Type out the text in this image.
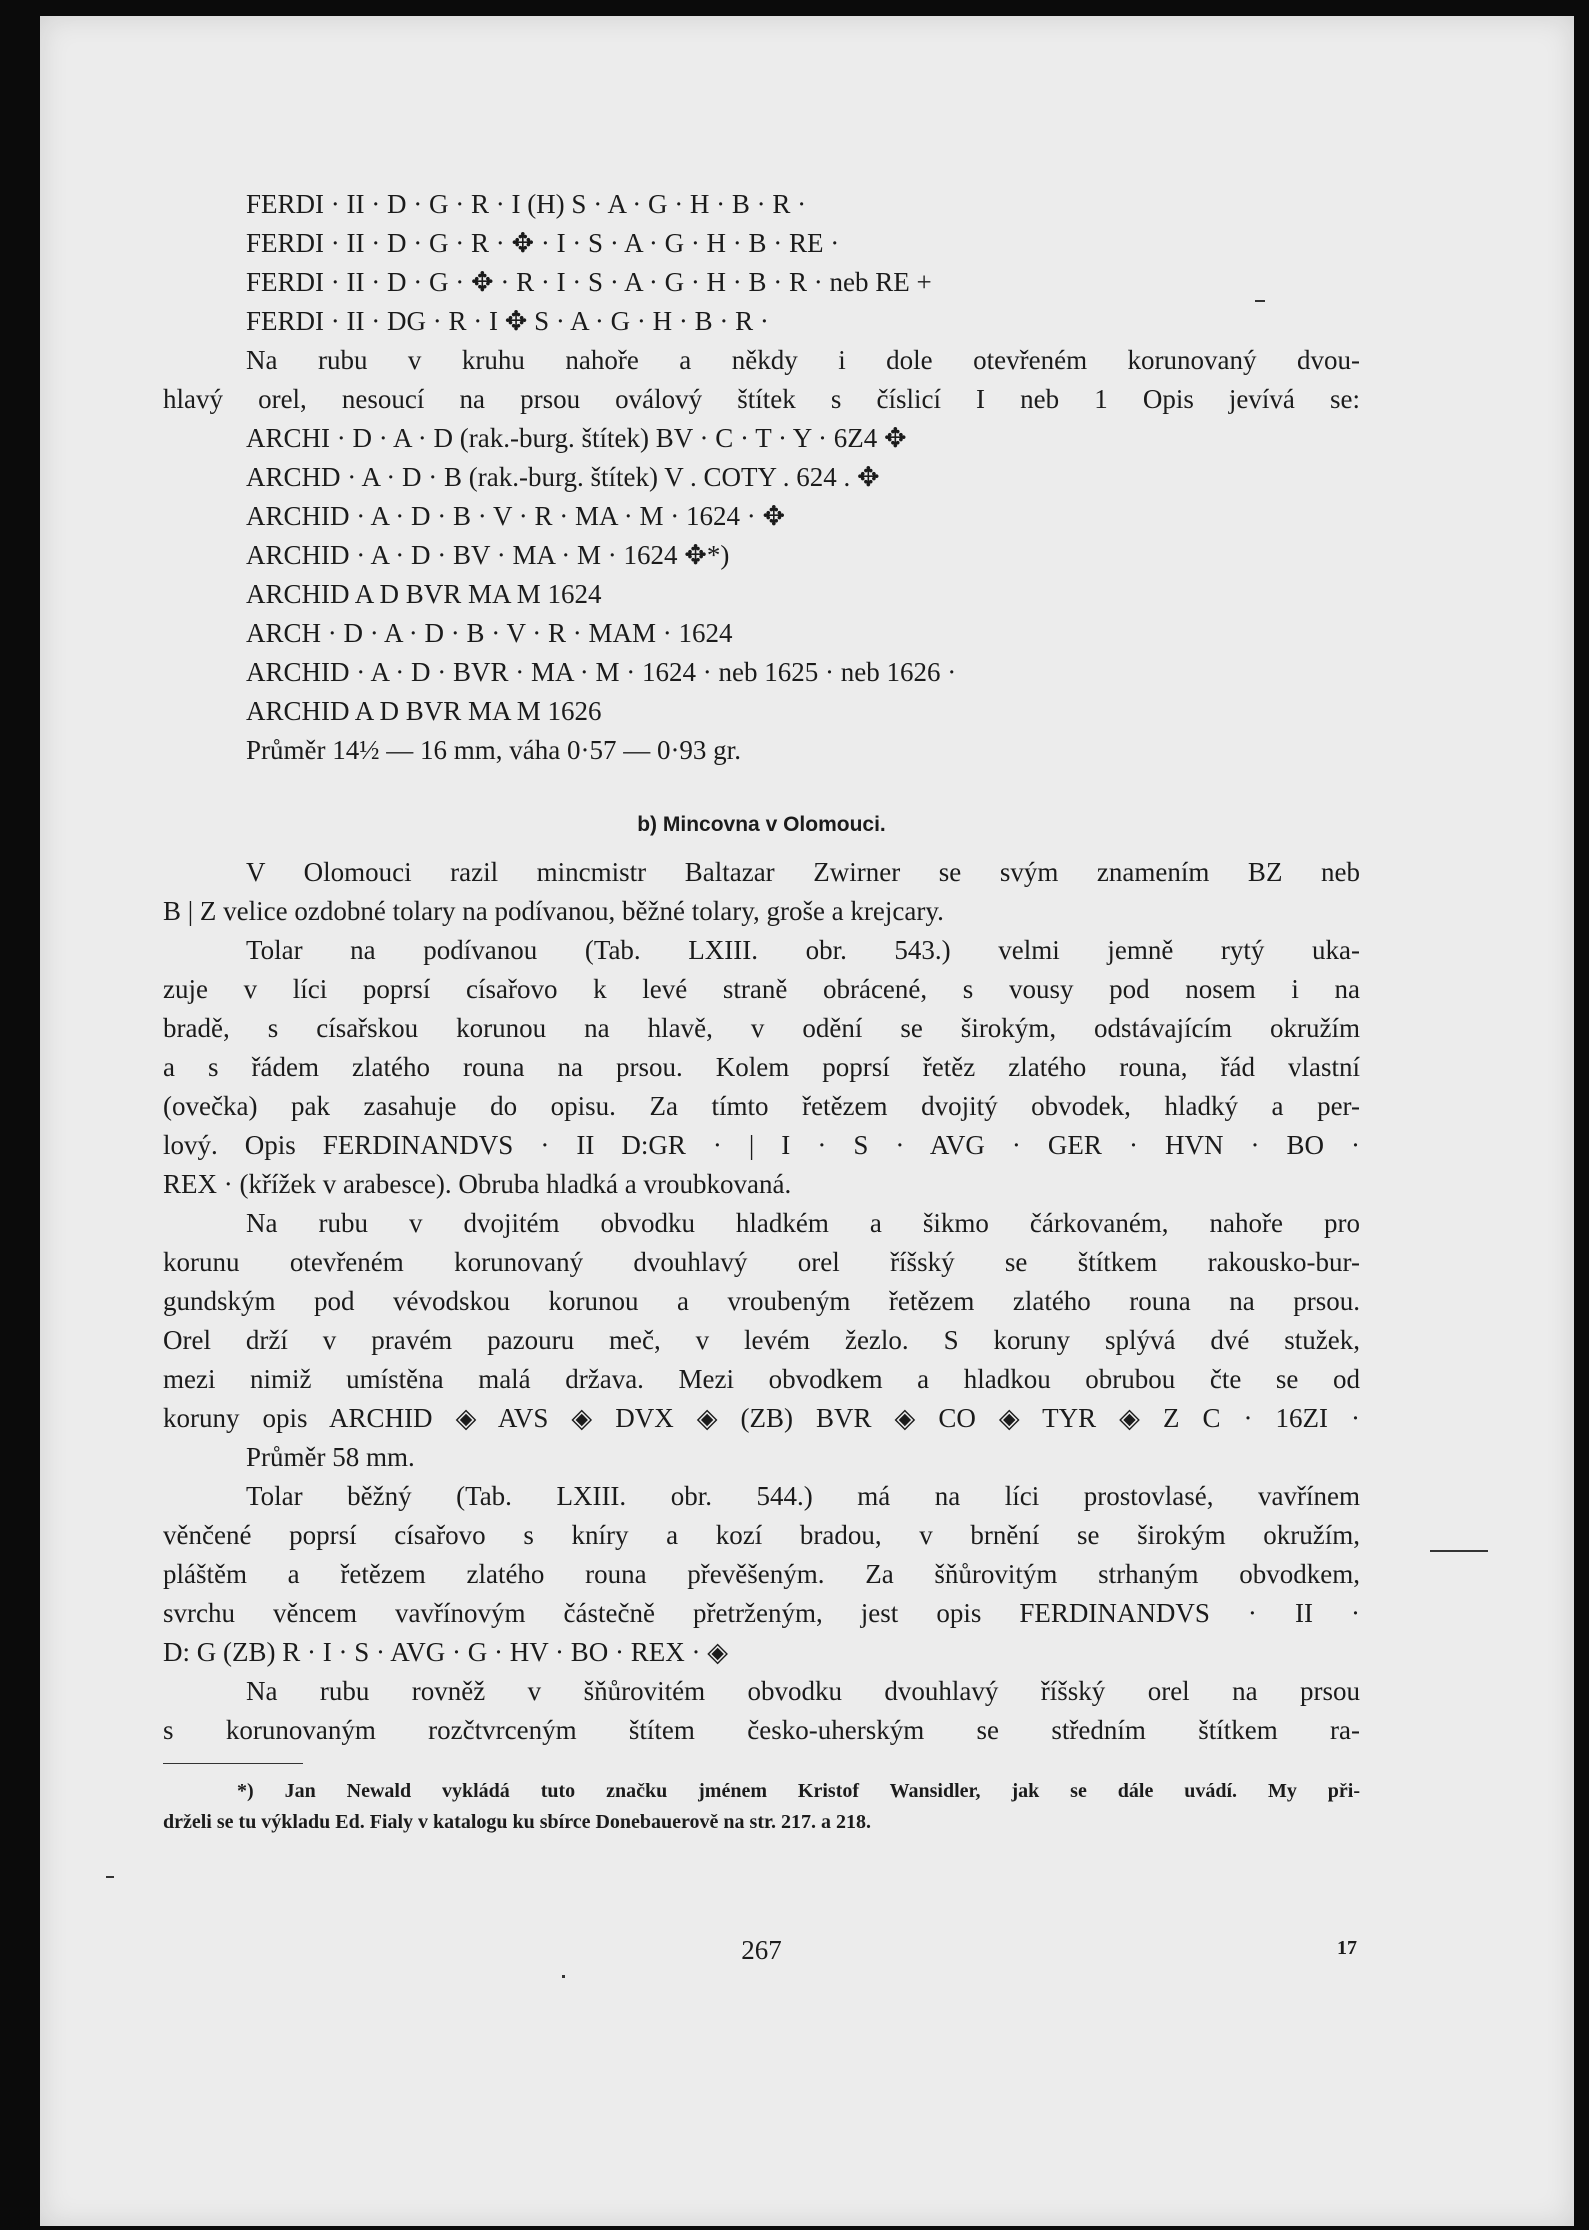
FERDI · II · D · G · R · I (H) S · A · G · H · B · R ·
FERDI · II · D · G · R · ✥ · I · S · A · G · H · B · RE ·
FERDI · II · D · G · ✥ · R · I · S · A · G · H · B · R · neb RE +
FERDI · II · DG · R · I ✥ S · A · G · H · B · R ·
Na rubu v kruhu nahoře a někdy i dole otevřeném korunovaný dvou-
hlavý orel, nesoucí na prsou oválový štítek s číslicí I neb 1 Opis jevívá se:
ARCHI · D · A · D (rak.-burg. štítek) BV · C · T · Y · 6Z4 ✥
ARCHD · A · D · B (rak.-burg. štítek) V . COTY . 624 . ✥
ARCHID · A · D · B · V · R · MA · M · 1624 · ✥
ARCHID · A · D · BV · MA · M · 1624 ✥*)
ARCHID A D BVR MA M 1624
ARCH · D · A · D · B · V · R · MAM · 1624
ARCHID · A · D · BVR · MA · M · 1624 · neb 1625 · neb 1626 ·
ARCHID A D BVR MA M 1626
Průměr 14½ — 16 mm, váha 0·57 — 0·93 gr.
b) Mincovna v Olomouci.
V Olomouci razil mincmistr Baltazar Zwirner se svým znamením BZ neb
B | Z velice ozdobné tolary na podívanou, běžné tolary, groše a krejcary.
Tolar na podívanou (Tab. LXIII. obr. 543.) velmi jemně rytý uka-
zuje v líci poprsí císařovo k levé straně obrácené, s vousy pod nosem i na
bradě, s císařskou korunou na hlavě, v odění se širokým, odstávajícím okružím
a s řádem zlatého rouna na prsou. Kolem poprsí řetěz zlatého rouna, řád vlastní
(ovečka) pak zasahuje do opisu. Za tímto řetězem dvojitý obvodek, hladký a per-
lový. Opis FERDINANDVS · II D:GR · | I · S · AVG · GER · HVN · BO ·
REX · (křížek v arabesce). Obruba hladká a vroubkovaná.
Na rubu v dvojitém obvodku hladkém a šikmo čárkovaném, nahoře pro
korunu otevřeném korunovaný dvouhlavý orel říšský se štítkem rakousko-bur-
gundským pod vévodskou korunou a vroubeným řetězem zlatého rouna na prsou.
Orel drží v pravém pazouru meč, v levém žezlo. S koruny splývá dvé stužek,
mezi nimiž umístěna malá država. Mezi obvodkem a hladkou obrubou čte se od
koruny opis ARCHID ◈ AVS ◈ DVX ◈ (ZB) BVR ◈ CO ◈ TYR ◈ Z C · 16ZI ·
Průměr 58 mm.
Tolar běžný (Tab. LXIII. obr. 544.) má na líci prostovlasé, vavřínem
věnčené poprsí císařovo s kníry a kozí bradou, v brnění se širokým okružím,
pláštěm a řetězem zlatého rouna převěšeným. Za šňůrovitým strhaným obvodkem,
svrchu věncem vavřínovým částečně přetrženým, jest opis FERDINANDVS · II ·
D: G (ZB) R · I · S · AVG · G · HV · BO · REX · ◈
Na rubu rovněž v šňůrovitém obvodku dvouhlavý říšský orel na prsou
s korunovaným rozčtvrceným štítem česko-uherským se středním štítkem ra-
*) Jan Newald vykládá tuto značku jménem Kristof Wansidler, jak se dále uvádí. My při-
drželi se tu výkladu Ed. Fialy v katalogu ku sbírce Donebauerově na str. 217. a 218.
267	17
